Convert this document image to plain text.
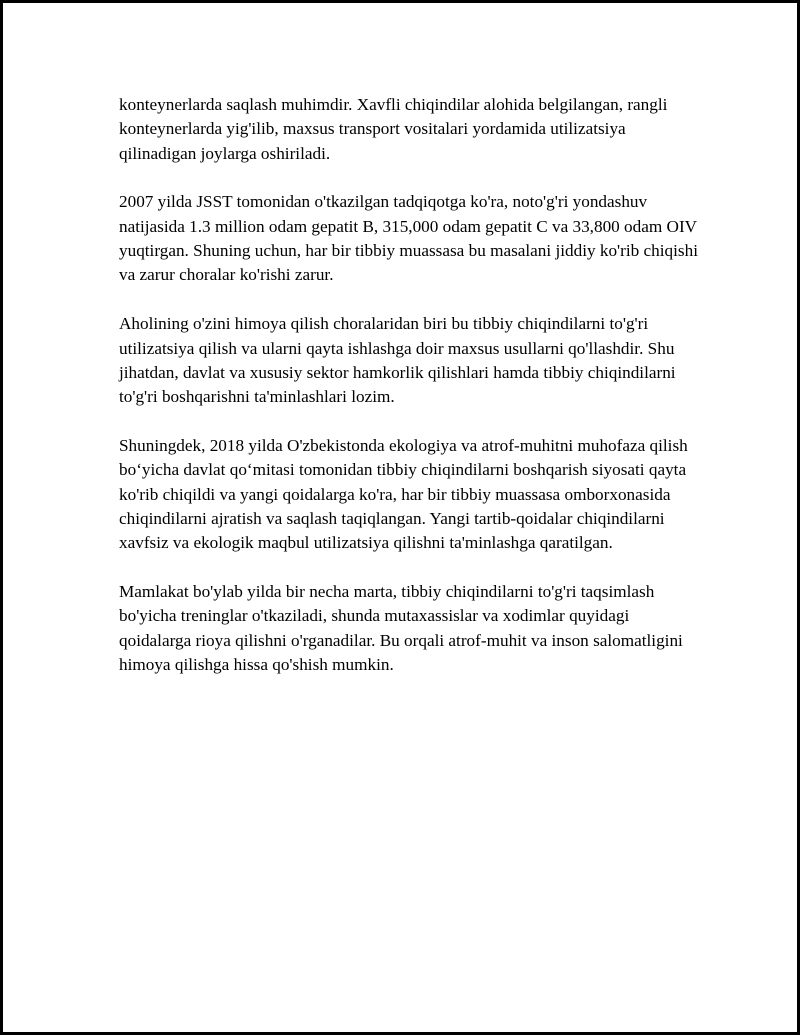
konteynerlarda saqlash muhimdir. Xavfli chiqindilar alohida belgilangan, rangli konteynerlarda yig'ilib, maxsus transport vositalari yordamida utilizatsiya qilinadigan joylarga oshiriladi.

2007 yilda JSST tomonidan o'tkazilgan tadqiqotga ko'ra, noto'g'ri yondashuv natijasida 1.3 million odam gepatit B, 315,000 odam gepatit C va 33,800 odam OIV yuqtirgan. Shuning uchun, har bir tibbiy muassasa bu masalani jiddiy ko'rib chiqishi va zarur choralar ko'rishi zarur.

Aholining o'zini himoya qilish choralaridan biri bu tibbiy chiqindilarni to'g'ri utilizatsiya qilish va ularni qayta ishlashga doir maxsus usullarni qo'llashdir. Shu jihatdan, davlat va xususiy sektor hamkorlik qilishlari hamda tibbiy chiqindilarni to'g'ri boshqarishni ta'minlashlari lozim.

Shuningdek, 2018 yilda O'zbekistonda ekologiya va atrof-muhitni muhofaza qilish bo‘yicha davlat qo‘mitasi tomonidan tibbiy chiqindilarni boshqarish siyosati qayta ko'rib chiqildi va yangi qoidalarga ko'ra, har bir tibbiy muassasa omborxonasida chiqindilarni ajratish va saqlash taqiqlangan. Yangi tartib-qoidalar chiqindilarni xavfsiz va ekologik maqbul utilizatsiya qilishni ta'minlashga qaratilgan.

Mamlakat bo'ylab yilda bir necha marta, tibbiy chiqindilarni to'g'ri taqsimlash bo'yicha treninglar o'tkaziladi, shunda mutaxassislar va xodimlar quyidagi qoidalarga rioya qilishni o'rganadilar. Bu orqali atrof-muhit va inson salomatligini himoya qilishga hissa qo'shish mumkin.
